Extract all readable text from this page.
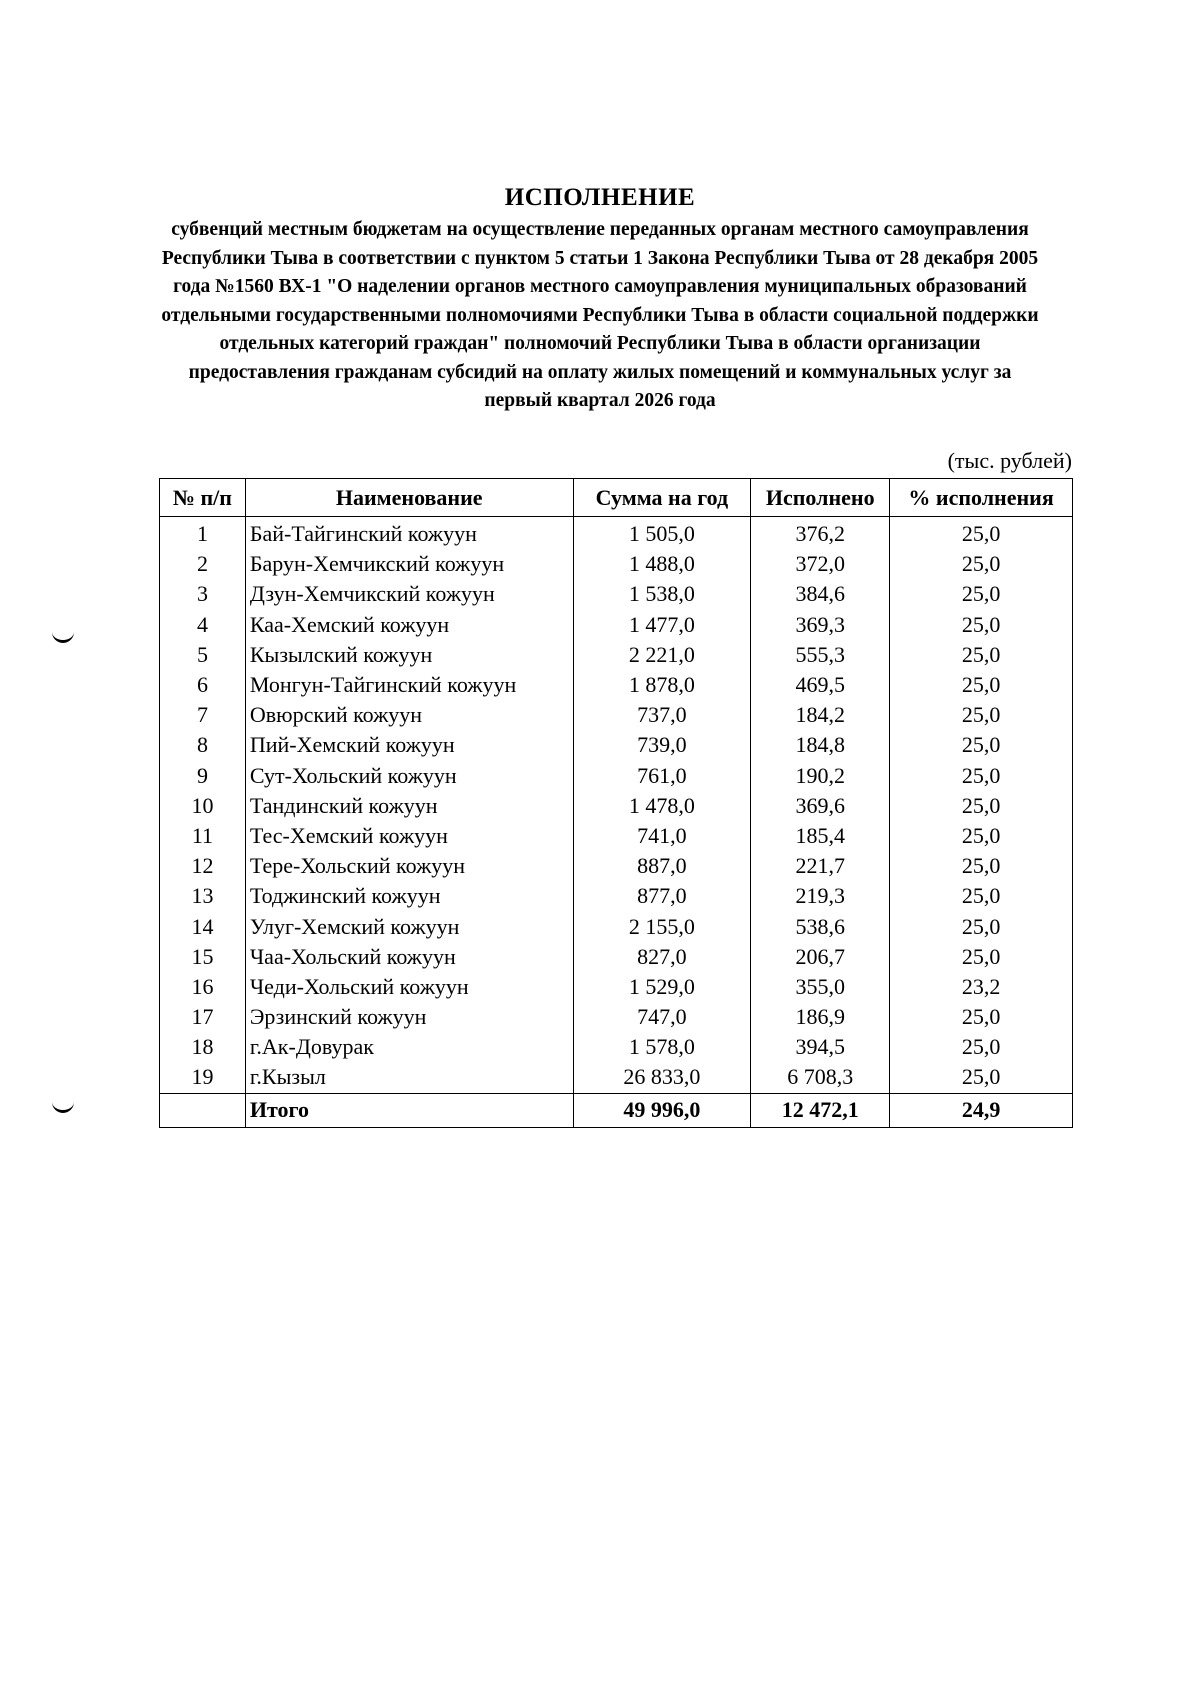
ИСПОЛНЕНИЕ
субвенций местным бюджетам на осуществление переданных органам местного самоуправления Республики Тыва в соответствии с пунктом 5 статьи 1 Закона Республики Тыва от 28 декабря 2005 года №1560 ВХ-1 "О наделении органов местного самоуправления муниципальных образований отдельными государственными полномочиями Республики Тыва в области социальной поддержки отдельных категорий граждан" полномочий Республики Тыва в области организации предоставления гражданам субсидий на оплату жилых помещений и коммунальных услуг за первый квартал 2026 года
(тыс. рублей)
№ п/п	Наименование	Сумма на год	Исполнено	% исполнения
1	Бай-Тайгинский кожуун	1 505,0	376,2	25,0
2	Барун-Хемчикский кожуун	1 488,0	372,0	25,0
3	Дзун-Хемчикский кожуун	1 538,0	384,6	25,0
4	Каа-Хемский кожуун	1 477,0	369,3	25,0
5	Кызылский кожуун	2 221,0	555,3	25,0
6	Монгун-Тайгинский кожуун	1 878,0	469,5	25,0
7	Овюрский кожуун	737,0	184,2	25,0
8	Пий-Хемский кожуун	739,0	184,8	25,0
9	Сут-Хольский кожуун	761,0	190,2	25,0
10	Тандинский кожуун	1 478,0	369,6	25,0
11	Тес-Хемский кожуун	741,0	185,4	25,0
12	Тере-Хольский кожуун	887,0	221,7	25,0
13	Тоджинский кожуун	877,0	219,3	25,0
14	Улуг-Хемский кожуун	2 155,0	538,6	25,0
15	Чаа-Хольский кожуун	827,0	206,7	25,0
16	Чеди-Хольский кожуун	1 529,0	355,0	23,2
17	Эрзинский кожуун	747,0	186,9	25,0
18	г.Ак-Довурак	1 578,0	394,5	25,0
19	г.Кызыл	26 833,0	6 708,3	25,0
	Итого	49 996,0	12 472,1	24,9
